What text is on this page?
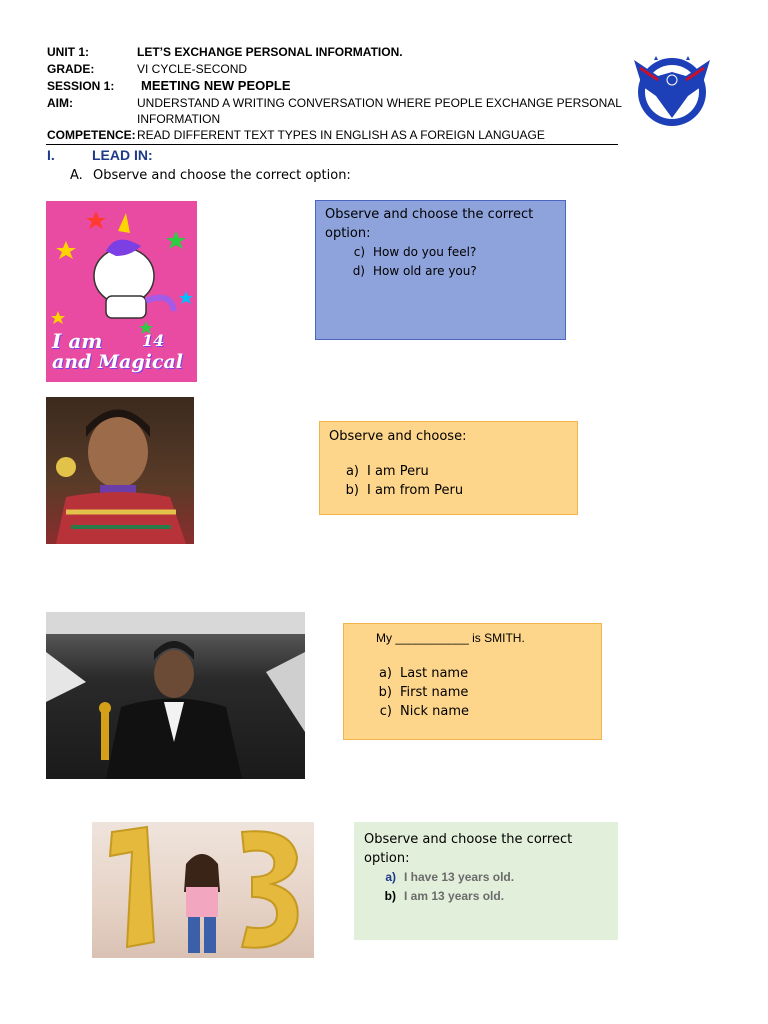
UNIT 1:	LET’S EXCHANGE PERSONAL INFORMATION.
GRADE:	VI CYCLE-SECOND
SESSION 1: MEETING NEW PEOPLE
AIM:	UNDERSTAND A WRITING CONVERSATION WHERE PEOPLE EXCHANGE PERSONAL
INFORMATION
COMPETENCE: READ DIFFERENT TEXT TYPES IN ENGLISH AS A FOREIGN LANGUAGE
I.	LEAD IN:
A. Observe and choose the correct option:
I am 14
and Magical
Observe and choose the correct
option:
c) How do you feel?
d) How old are you?
Observe and choose:
a) I am Peru
b) I am from Peru
My ___________ is SMITH.
a) Last name
b) First name
c) Nick name
Observe and choose the correct
option:
a) I have 13 years old.
b) I am 13 years old.
